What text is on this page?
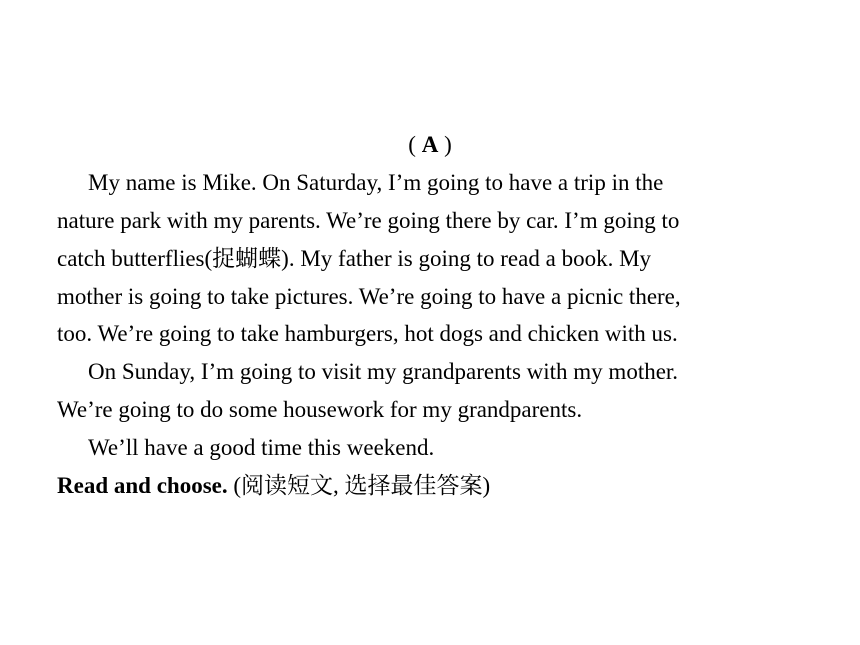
( A )
My name is Mike. On Saturday, I’m going to have a trip in the
nature park with my parents. We’re going there by car. I’m going to
catch butterflies(捉蝴蝶). My father is going to read a book. My
mother is going to take pictures. We’re going to have a picnic there,
too. We’re going to take hamburgers, hot dogs and chicken with us.
On Sunday, I’m going to visit my grandparents with my mother.
We’re going to do some housework for my grandparents.
We’ll have a good time this weekend.
Read and choose. (阅读短文, 选择最佳答案)
